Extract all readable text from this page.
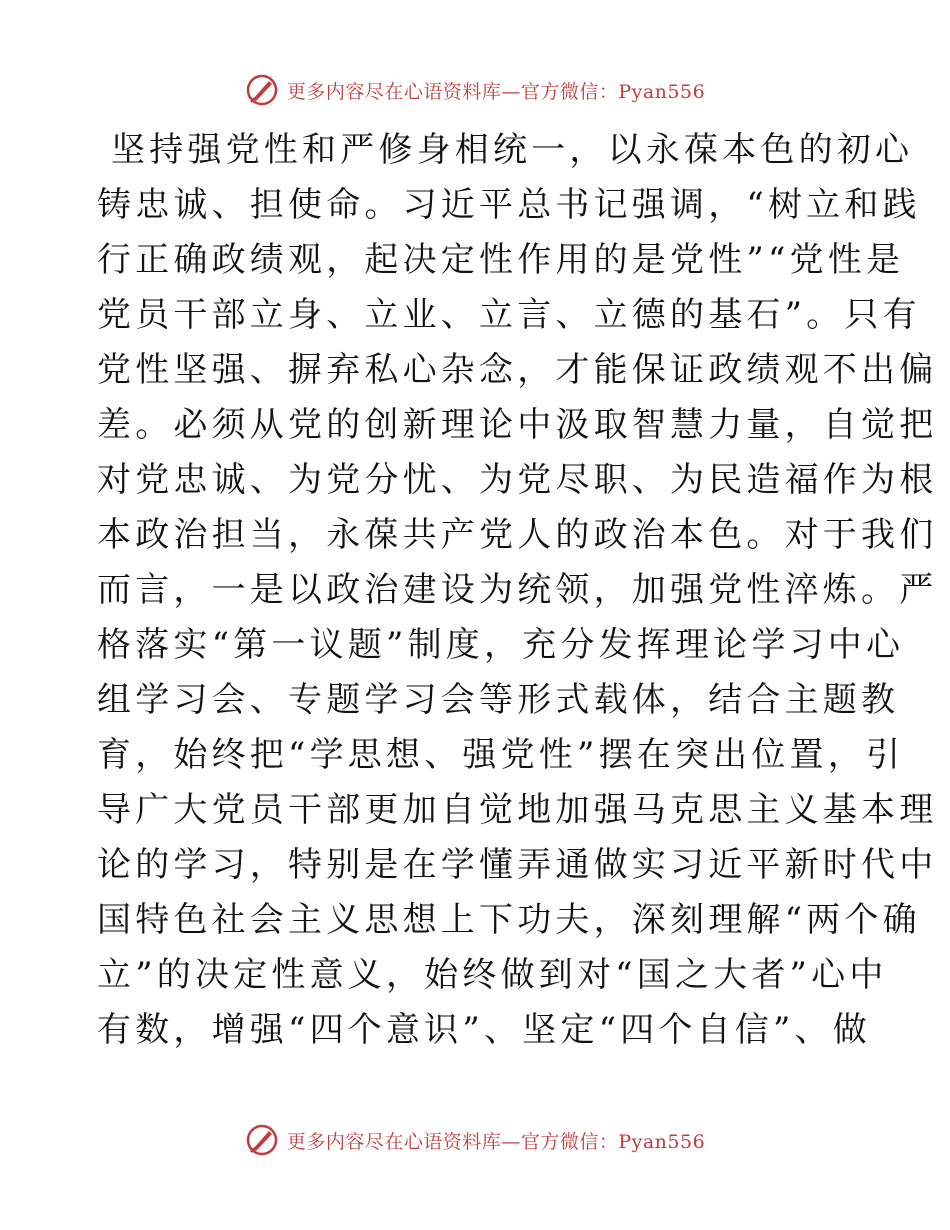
更多内容尽在心语资料库—官方微信：Pyan556
坚持强党性和严修身相统一，以永葆本色的初心
铸忠诚、担使命。习近平总书记强调，“树立和践
行正确政绩观，起决定性作用的是党性”“党性是
党员干部立身、立业、立言、立德的基石”。只有
党性坚强、摒弃私心杂念，才能保证政绩观不出偏
差。必须从党的创新理论中汲取智慧力量，自觉把
对党忠诚、为党分忧、为党尽职、为民造福作为根
本政治担当，永葆共产党人的政治本色。对于我们
而言，一是以政治建设为统领，加强党性淬炼。严
格落实“第一议题”制度，充分发挥理论学习中心
组学习会、专题学习会等形式载体，结合主题教
育，始终把“学思想、强党性”摆在突出位置，引
导广大党员干部更加自觉地加强马克思主义基本理
论的学习，特别是在学懂弄通做实习近平新时代中
国特色社会主义思想上下功夫，深刻理解“两个确
立”的决定性意义，始终做到对“国之大者”心中
有数，增强“四个意识”、坚定“四个自信”、做
更多内容尽在心语资料库—官方微信：Pyan556
